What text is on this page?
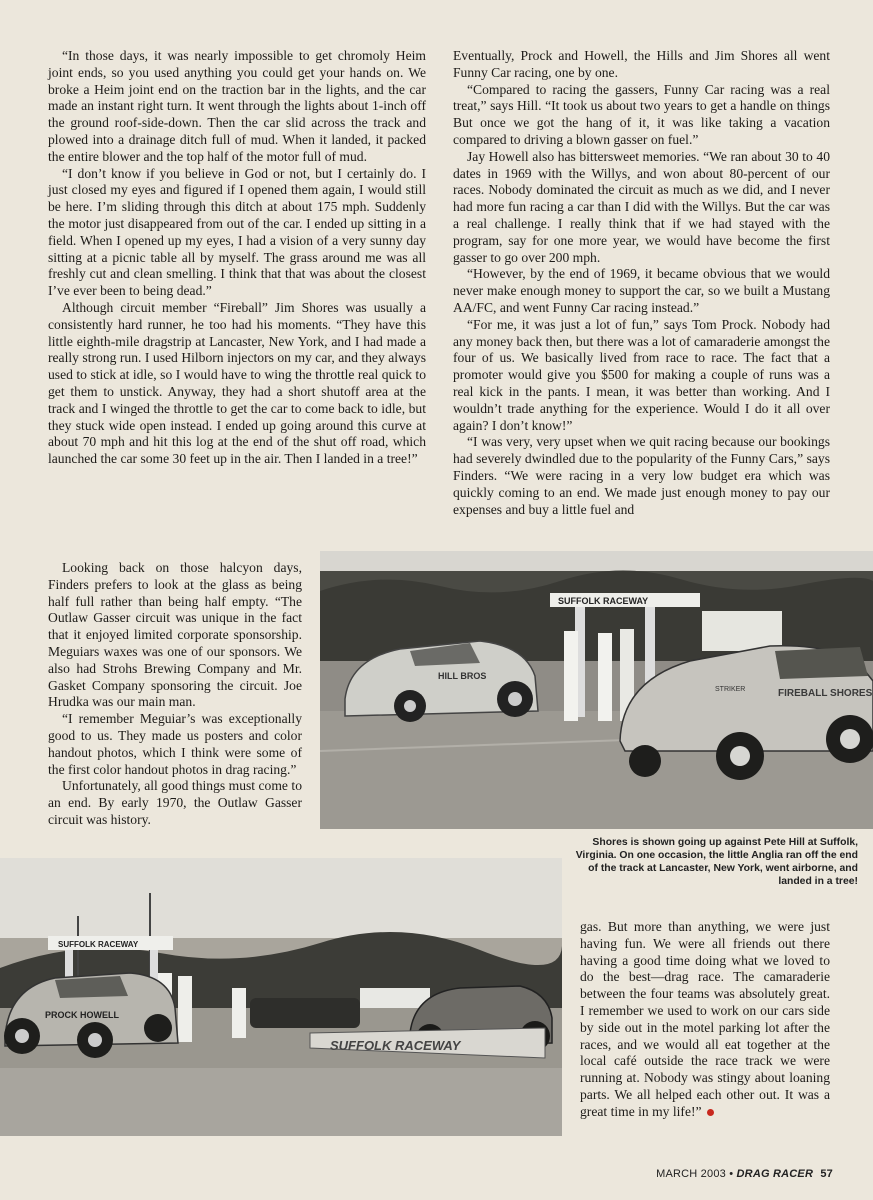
“In those days, it was nearly impossible to get chromoly Heim joint ends, so you used anything you could get your hands on. We broke a Heim joint end on the traction bar in the lights, and the car made an instant right turn. It went through the lights about 1-inch off the ground roof-side-down. Then the car slid across the track and plowed into a drainage ditch full of mud. When it landed, it packed the entire blower and the top half of the motor full of mud.

“I don’t know if you believe in God or not, but I certainly do. I just closed my eyes and figured if I opened them again, I would still be here. I’m sliding through this ditch at about 175 mph. Suddenly the motor just disappeared from out of the car. I ended up sitting in a field. When I opened up my eyes, I had a vision of a very sunny day sitting at a picnic table all by myself. The grass around me was all freshly cut and clean smelling. I think that that was about the closest I’ve ever been to being dead.”

Although circuit member “Fireball” Jim Shores was usually a consistently hard runner, he too had his moments. “They have this little eighth-mile dragstrip at Lancaster, New York, and I had made a really strong run. I used Hilborn injectors on my car, and they always used to stick at idle, so I would have to wing the throttle real quick to get them to unstick. Anyway, they had a short shutoff area at the track and I winged the throttle to get the car to come back to idle, but they stuck wide open instead. I ended up going around this curve at about 70 mph and hit this log at the end of the shut off road, which launched the car some 30 feet up in the air. Then I landed in a tree!”

Looking back on those halcyon days, Finders prefers to look at the glass as being half full rather than being half empty. “The Outlaw Gasser circuit was unique in the fact that it enjoyed limited corporate sponsorship. Meguiars waxes was one of our sponsors. We also had Strohs Brewing Company and Mr. Gasket Company sponsoring the circuit. Joe Hrudka was our main man.

“I remember Meguiar’s was exceptionally good to us. They made us posters and color handout photos, which I think were some of the first color handout photos in drag racing.”

Unfortunately, all good things must come to an end. By early 1970, the Outlaw Gasser circuit was history.

Eventually, Prock and Howell, the Hills and Jim Shores all went Funny Car racing, one by one.

“Compared to racing the gassers, Funny Car racing was a real treat,” says Hill. “It took us about two years to get a handle on things But once we got the hang of it, it was like taking a vacation compared to driving a blown gasser on fuel.”

Jay Howell also has bittersweet memories. “We ran about 30 to 40 dates in 1969 with the Willys, and won about 80-percent of our races. Nobody dominated the circuit as much as we did, and I never had more fun racing a car than I did with the Willys. But the car was a real challenge. I really think that if we had stayed with the program, say for one more year, we would have become the first gasser to go over 200 mph.

“However, by the end of 1969, it became obvious that we would never make enough money to support the car, so we built a Mustang AA/FC, and went Funny Car racing instead.”

“For me, it was just a lot of fun,” says Tom Prock. Nobody had any money back then, but there was a lot of camaraderie amongst the four of us. We basically lived from race to race. The fact that a promoter would give you $500 for making a couple of runs was a real kick in the pants. I mean, it was better than working. And I wouldn’t trade anything for the experience. Would I do it all over again? I don’t know!”

“I was very, very upset when we quit racing because our bookings had severely dwindled due to the popularity of the Funny Cars,” says Finders. “We were racing in a very low budget era which was quickly coming to an end. We made just enough money to pay our expenses and buy a little fuel and

SUFFOLK RACEWAY
HILL BROS
FIREBALL SHORES
STRIKER
Shores is shown going up against Pete Hill at Suffolk, Virginia. On one occasion, the little Anglia ran off the end of the track at Lancaster, New York, went airborne, and landed in a tree!
SUFFOLK RACEWAY
PROCK HOWELL
SUFFOLK RACEWAY

gas. But more than anything, we were just having fun. We were all friends out there having a good time doing what we loved to do the best—drag race. The camaraderie between the four teams was absolutely great. I remember we used to work on our cars side by side out in the motel parking lot after the races, and we would all eat together at the local café outside the race track we were running at. Nobody was stingy about loaning parts. We all helped each other out. It was a great time in my life!”

MARCH 2003 • DRAG RACER 57
